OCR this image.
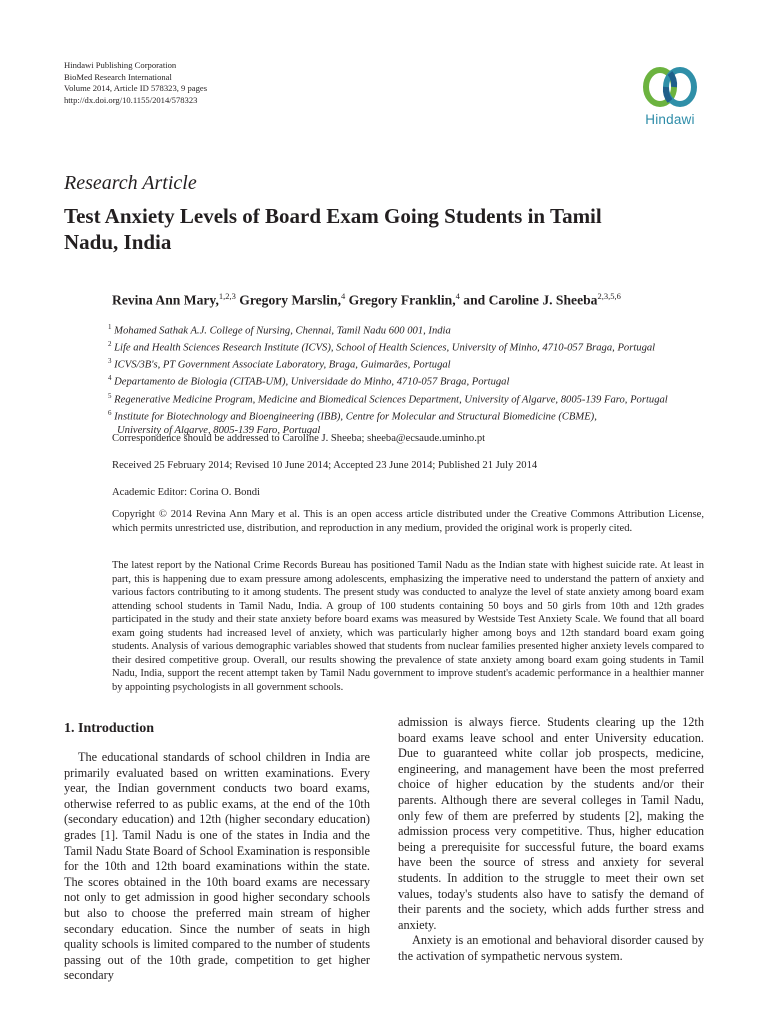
Hindawi Publishing Corporation
BioMed Research International
Volume 2014, Article ID 578323, 9 pages
http://dx.doi.org/10.1155/2014/578323
Hindawi
Research Article
Test Anxiety Levels of Board Exam Going Students in Tamil Nadu, India
Revina Ann Mary,$^{1,2,3}$ Gregory Marslin,$^4$ Gregory Franklin,$^4$ and Caroline J. Sheeba$^{2,3,5,6}$
$^1$ Mohamed Sathak A.J. College of Nursing, Chennai, Tamil Nadu 600 001, India
$^2$ Life and Health Sciences Research Institute (ICVS), School of Health Sciences, University of Minho, 4710-057 Braga, Portugal
$^3$ ICVS/3B's, PT Government Associate Laboratory, Braga, Guimarães, Portugal
$^4$ Departamento de Biologia (CITAB-UM), Universidade do Minho, 4710-057 Braga, Portugal
$^5$ Regenerative Medicine Program, Medicine and Biomedical Sciences Department, University of Algarve, 8005-139 Faro, Portugal
$^6$ Institute for Biotechnology and Bioengineering (IBB), Centre for Molecular and Structural Biomedicine (CBME),
University of Algarve, 8005-139 Faro, Portugal
Correspondence should be addressed to Caroline J. Sheeba; sheeba@ecsaude.uminho.pt
Received 25 February 2014; Revised 10 June 2014; Accepted 23 June 2014; Published 21 July 2014
Academic Editor: Corina O. Bondi
Copyright © 2014 Revina Ann Mary et al. This is an open access article distributed under the Creative Commons Attribution License, which permits unrestricted use, distribution, and reproduction in any medium, provided the original work is properly cited.

The latest report by the National Crime Records Bureau has positioned Tamil Nadu as the Indian state with highest suicide rate. At least in part, this is happening due to exam pressure among adolescents, emphasizing the imperative need to understand the pattern of anxiety and various factors contributing to it among students. The present study was conducted to analyze the level of state anxiety among board exam attending school students in Tamil Nadu, India. A group of 100 students containing 50 boys and 50 girls from 10th and 12th grades participated in the study and their state anxiety before board exams was measured by Westside Test Anxiety Scale. We found that all board exam going students had increased level of anxiety, which was particularly higher among boys and 12th standard board exam going students. Analysis of various demographic variables showed that students from nuclear families presented higher anxiety levels compared to their desired competitive group. Overall, our results showing the prevalence of state anxiety among board exam going students in Tamil Nadu, India, support the recent attempt taken by Tamil Nadu government to improve student's academic performance in a healthier manner by appointing psychologists in all government schools.

1. Introduction

The educational standards of school children in India are primarily evaluated based on written examinations. Every year, the Indian government conducts two board exams, otherwise referred to as public exams, at the end of the 10th (secondary education) and 12th (higher secondary education) grades [1]. Tamil Nadu is one of the states in India and the Tamil Nadu State Board of School Examination is responsible for the 10th and 12th board examinations within the state. The scores obtained in the 10th board exams are necessary not only to get admission in good higher secondary schools but also to choose the preferred main stream of higher secondary education. Since the number of seats in high quality schools is limited compared to the number of students passing out of the 10th grade, competition to get higher secondary

admission is always fierce. Students clearing up the 12th board exams leave school and enter University education. Due to guaranteed white collar job prospects, medicine, engineering, and management have been the most preferred choice of higher education by the students and/or their parents. Although there are several colleges in Tamil Nadu, only few of them are preferred by students [2], making the admission process very competitive. Thus, higher education being a prerequisite for successful future, the board exams have been the source of stress and anxiety for several students. In addition to the struggle to meet their own set values, today's students also have to satisfy the demand of their parents and the society, which adds further stress and anxiety.

Anxiety is an emotional and behavioral disorder caused by the activation of sympathetic nervous system.
